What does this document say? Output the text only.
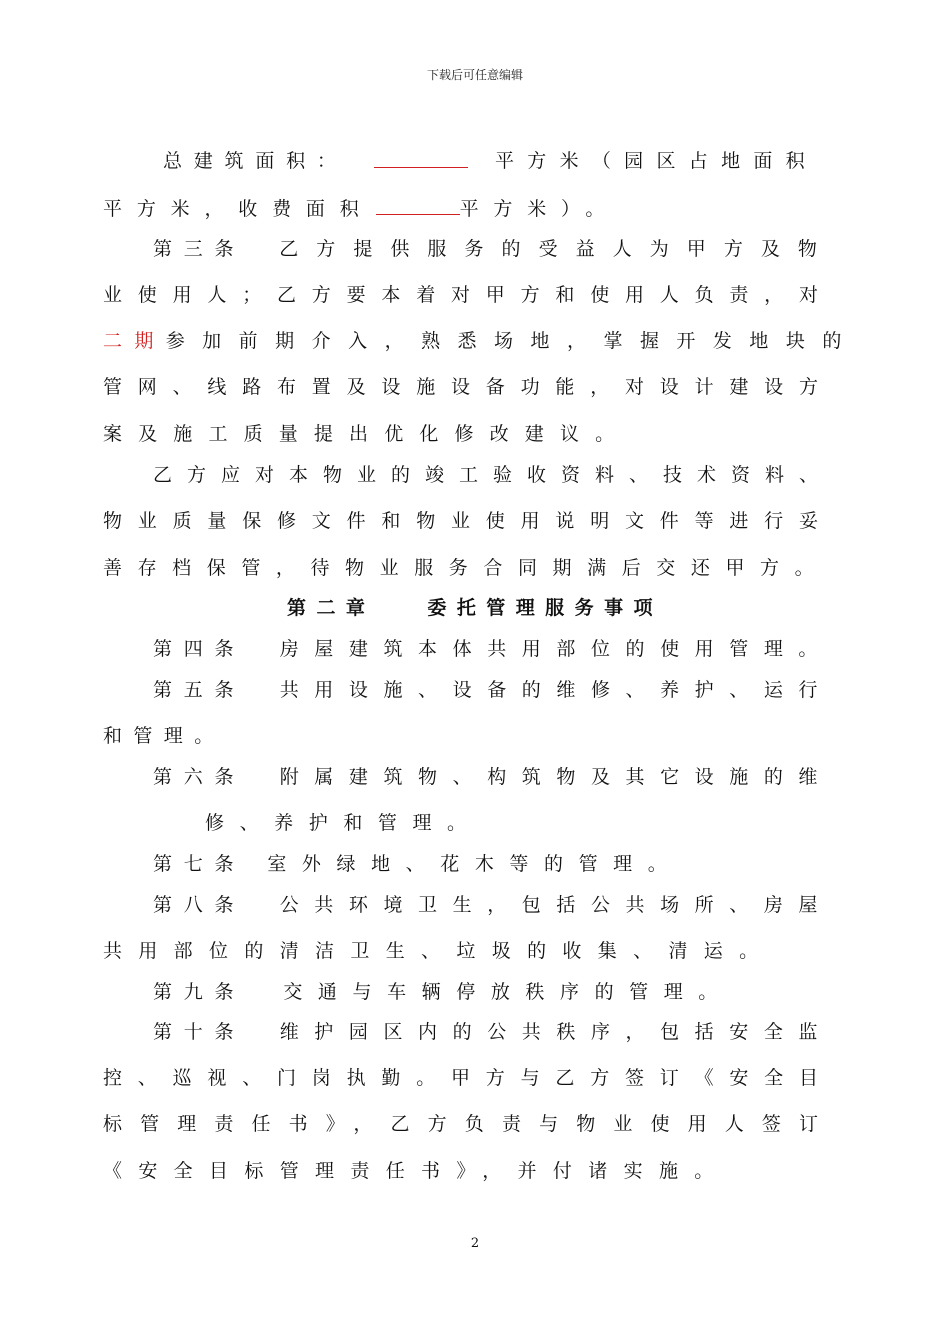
下载后可任意编辑
总建筑面积：	平方米（园区占地面积
平方米，收费面积	平方米）。
第三条 乙方提供服务的受益人为甲方及物
业使用人；乙方要本着对甲方和使用人负责，对
二期 参加前期介入，熟悉场地，掌握开发地块的
管网、线路布置及设施设备功能，对设计建设方
案及施工质量提出优化修改建议。
乙方应对本物业的竣工验收资料、技术资料、
物业质量保修文件和物业使用说明文件等进行妥
善存档保管，待物业服务合同期满后交还甲方。
第二章	委托管理服务事项
第四条 房屋建筑本体共用部位的使用管理。
第五条 共用设施、设备的维修、养护、运行
和管理。
第六条 附属建筑物、构筑物及其它设施的维
修、养护和管理。
第七条 室外绿地、花木等的管理。
第八条 公共环境卫生，包括公共场所、房屋
共用部位的清洁卫生、垃圾的收集、清运。
第九条 交通与车辆停放秩序的管理。
第十条 维护园区内的公共秩序，包括安全监
控、巡视、门岗执勤。甲方与乙方签订《安全目
标管理责任书》，乙方负责与物业使用人签订
《安全目标管理责任书》，并付诸实施。
2
